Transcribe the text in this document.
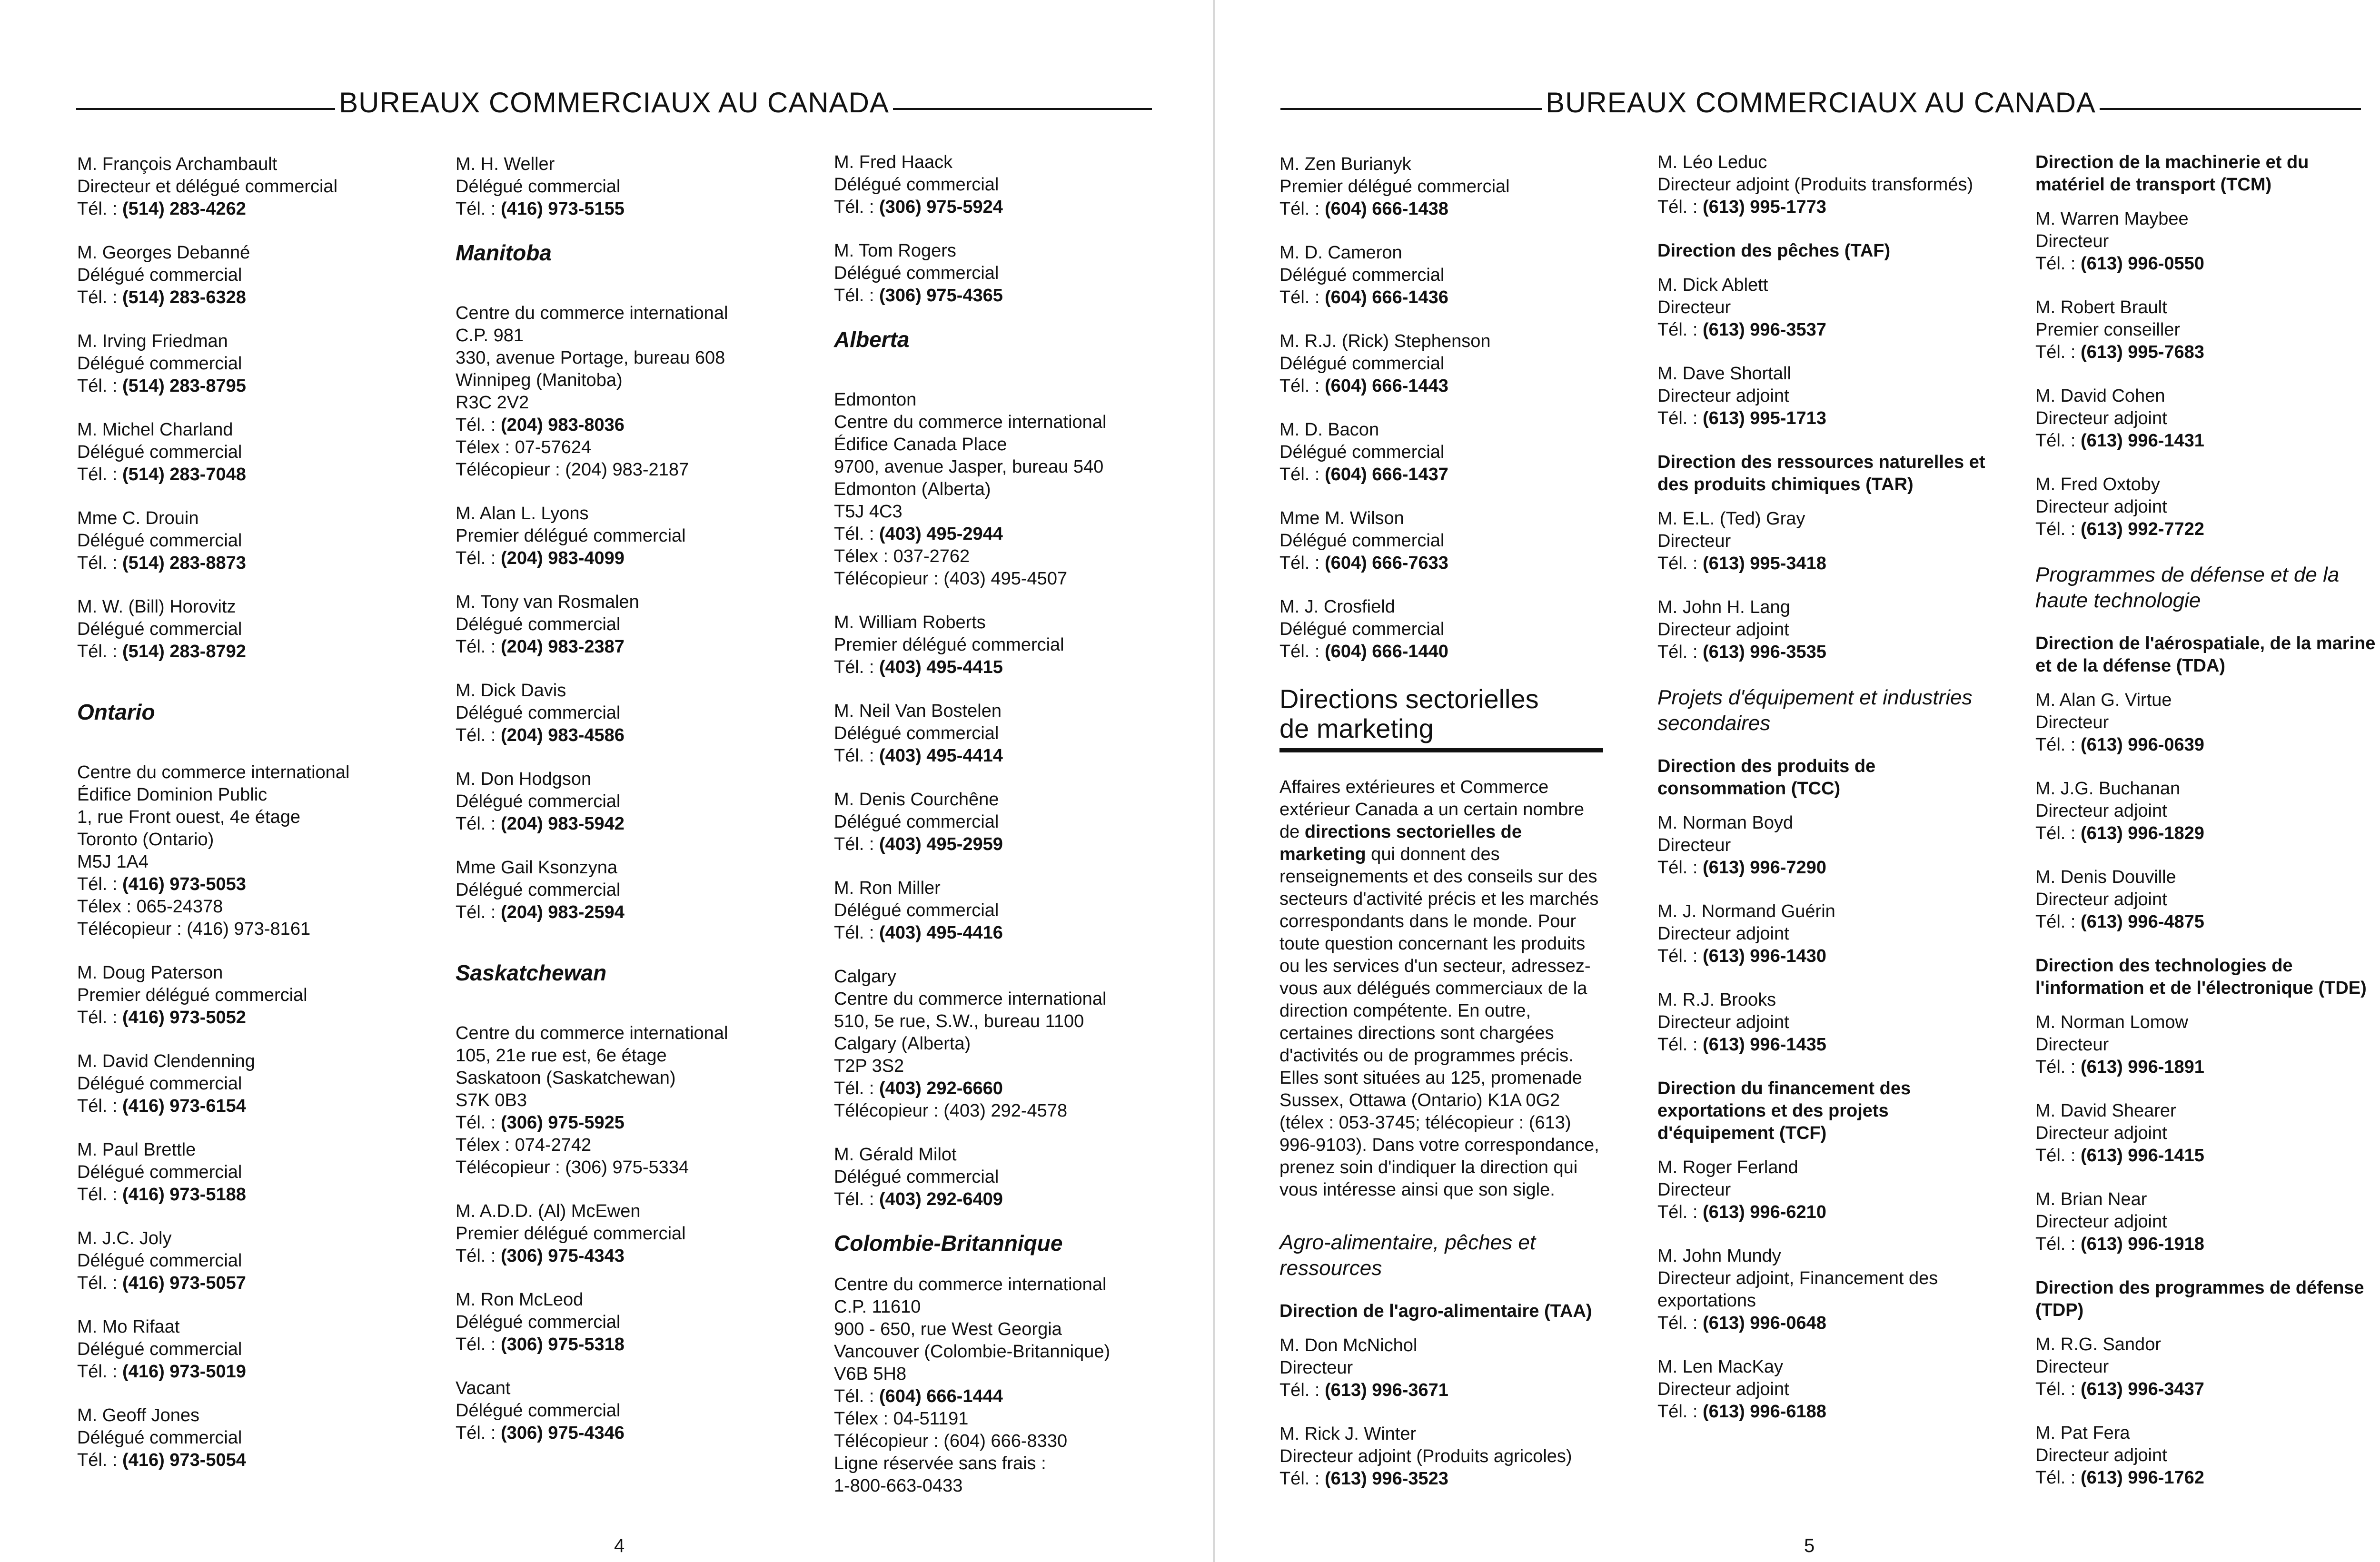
BUREAUX COMMERCIAUX AU CANADA
M. François Archambault
Directeur et délégué commercial
Tél. : (514) 283-4262
M. Georges Debanné
Délégué commercial
Tél. : (514) 283-6328
M. Irving Friedman
Délégué commercial
Tél. : (514) 283-8795
M. Michel Charland
Délégué commercial
Tél. : (514) 283-7048
Mme C. Drouin
Délégué commercial
Tél. : (514) 283-8873
M. W. (Bill) Horovitz
Délégué commercial
Tél. : (514) 283-8792
Ontario
Centre du commerce international
Édifice Dominion Public
1, rue Front ouest, 4e étage
Toronto (Ontario)
M5J 1A4
Tél. : (416) 973-5053
Télex : 065-24378
Télécopieur : (416) 973-8161
M. Doug Paterson
Premier délégué commercial
Tél. : (416) 973-5052
M. David Clendenning
Délégué commercial
Tél. : (416) 973-6154
M. Paul Brettle
Délégué commercial
Tél. : (416) 973-5188
M. J.C. Joly
Délégué commercial
Tél. : (416) 973-5057
M. Mo Rifaat
Délégué commercial
Tél. : (416) 973-5019
M. Geoff Jones
Délégué commercial
Tél. : (416) 973-5054
M. H. Weller
Délégué commercial
Tél. : (416) 973-5155
Manitoba
Centre du commerce international
C.P. 981
330, avenue Portage, bureau 608
Winnipeg (Manitoba)
R3C 2V2
Tél. : (204) 983-8036
Télex : 07-57624
Télécopieur : (204) 983-2187
M. Alan L. Lyons
Premier délégué commercial
Tél. : (204) 983-4099
M. Tony van Rosmalen
Délégué commercial
Tél. : (204) 983-2387
M. Dick Davis
Délégué commercial
Tél. : (204) 983-4586
M. Don Hodgson
Délégué commercial
Tél. : (204) 983-5942
Mme Gail Ksonzyna
Délégué commercial
Tél. : (204) 983-2594
Saskatchewan
Centre du commerce international
105, 21e rue est, 6e étage
Saskatoon (Saskatchewan)
S7K 0B3
Tél. : (306) 975-5925
Télex : 074-2742
Télécopieur : (306) 975-5334
M. A.D.D. (Al) McEwen
Premier délégué commercial
Tél. : (306) 975-4343
M. Ron McLeod
Délégué commercial
Tél. : (306) 975-5318
Vacant
Délégué commercial
Tél. : (306) 975-4346
M. Fred Haack
Délégué commercial
Tél. : (306) 975-5924
M. Tom Rogers
Délégué commercial
Tél. : (306) 975-4365
Alberta
Edmonton
Centre du commerce international
Édifice Canada Place
9700, avenue Jasper, bureau 540
Edmonton (Alberta)
T5J 4C3
Tél. : (403) 495-2944
Télex : 037-2762
Télécopieur : (403) 495-4507
M. William Roberts
Premier délégué commercial
Tél. : (403) 495-4415
M. Neil Van Bostelen
Délégué commercial
Tél. : (403) 495-4414
M. Denis Courchêne
Délégué commercial
Tél. : (403) 495-2959
M. Ron Miller
Délégué commercial
Tél. : (403) 495-4416
Calgary
Centre du commerce international
510, 5e rue, S.W., bureau 1100
Calgary (Alberta)
T2P 3S2
Tél. : (403) 292-6660
Télécopieur : (403) 292-4578
M. Gérald Milot
Délégué commercial
Tél. : (403) 292-6409
Colombie-Britannique
Centre du commerce international
C.P. 11610
900 - 650, rue West Georgia
Vancouver (Colombie-Britannique)
V6B 5H8
Tél. : (604) 666-1444
Télex : 04-51191
Télécopieur : (604) 666-8330
Ligne réservée sans frais :
1-800-663-0433
4
BUREAUX COMMERCIAUX AU CANADA
M. Zen Burianyk
Premier délégué commercial
Tél. : (604) 666-1438
M. D. Cameron
Délégué commercial
Tél. : (604) 666-1436
M. R.J. (Rick) Stephenson
Délégué commercial
Tél. : (604) 666-1443
M. D. Bacon
Délégué commercial
Tél. : (604) 666-1437
Mme M. Wilson
Délégué commercial
Tél. : (604) 666-7633
M. J. Crosfield
Délégué commercial
Tél. : (604) 666-1440
Directions sectorielles
de marketing
Affaires extérieures et Commerce extérieur Canada a un certain nombre de directions sectorielles de marketing qui donnent des renseignements et des conseils sur des secteurs d'activité précis et les marchés correspondants dans le monde. Pour toute question concernant les produits ou les services d'un secteur, adressez-vous aux délégués commerciaux de la direction compétente. En outre, certaines directions sont chargées d'activités ou de programmes précis. Elles sont situées au 125, promenade Sussex, Ottawa (Ontario) K1A 0G2 (télex : 053-3745; télécopieur : (613) 996-9103). Dans votre correspondance, prenez soin d'indiquer la direction qui vous intéresse ainsi que son sigle.
Agro-alimentaire, pêches et ressources
Direction de l'agro-alimentaire (TAA)
M. Don McNichol
Directeur
Tél. : (613) 996-3671
M. Rick J. Winter
Directeur adjoint (Produits agricoles)
Tél. : (613) 996-3523
M. Léo Leduc
Directeur adjoint (Produits transformés)
Tél. : (613) 995-1773
Direction des pêches (TAF)
M. Dick Ablett
Directeur
Tél. : (613) 996-3537
M. Dave Shortall
Directeur adjoint
Tél. : (613) 995-1713
Direction des ressources naturelles et des produits chimiques (TAR)
M. E.L. (Ted) Gray
Directeur
Tél. : (613) 995-3418
M. John H. Lang
Directeur adjoint
Tél. : (613) 996-3535
Projets d'équipement et industries secondaires
Direction des produits de consommation (TCC)
M. Norman Boyd
Directeur
Tél. : (613) 996-7290
M. J. Normand Guérin
Directeur adjoint
Tél. : (613) 996-1430
M. R.J. Brooks
Directeur adjoint
Tél. : (613) 996-1435
Direction du financement des exportations et des projets d'équipement (TCF)
M. Roger Ferland
Directeur
Tél. : (613) 996-6210
M. John Mundy
Directeur adjoint, Financement des exportations
Tél. : (613) 996-0648
M. Len MacKay
Directeur adjoint
Tél. : (613) 996-6188
Direction de la machinerie et du matériel de transport (TCM)
M. Warren Maybee
Directeur
Tél. : (613) 996-0550
M. Robert Brault
Premier conseiller
Tél. : (613) 995-7683
M. David Cohen
Directeur adjoint
Tél. : (613) 996-1431
M. Fred Oxtoby
Directeur adjoint
Tél. : (613) 992-7722
Programmes de défense et de la haute technologie
Direction de l'aérospatiale, de la marine et de la défense (TDA)
M. Alan G. Virtue
Directeur
Tél. : (613) 996-0639
M. J.G. Buchanan
Directeur adjoint
Tél. : (613) 996-1829
M. Denis Douville
Directeur adjoint
Tél. : (613) 996-4875
Direction des technologies de l'information et de l'électronique (TDE)
M. Norman Lomow
Directeur
Tél. : (613) 996-1891
M. David Shearer
Directeur adjoint
Tél. : (613) 996-1415
M. Brian Near
Directeur adjoint
Tél. : (613) 996-1918
Direction des programmes de défense (TDP)
M. R.G. Sandor
Directeur
Tél. : (613) 996-3437
M. Pat Fera
Directeur adjoint
Tél. : (613) 996-1762
5
